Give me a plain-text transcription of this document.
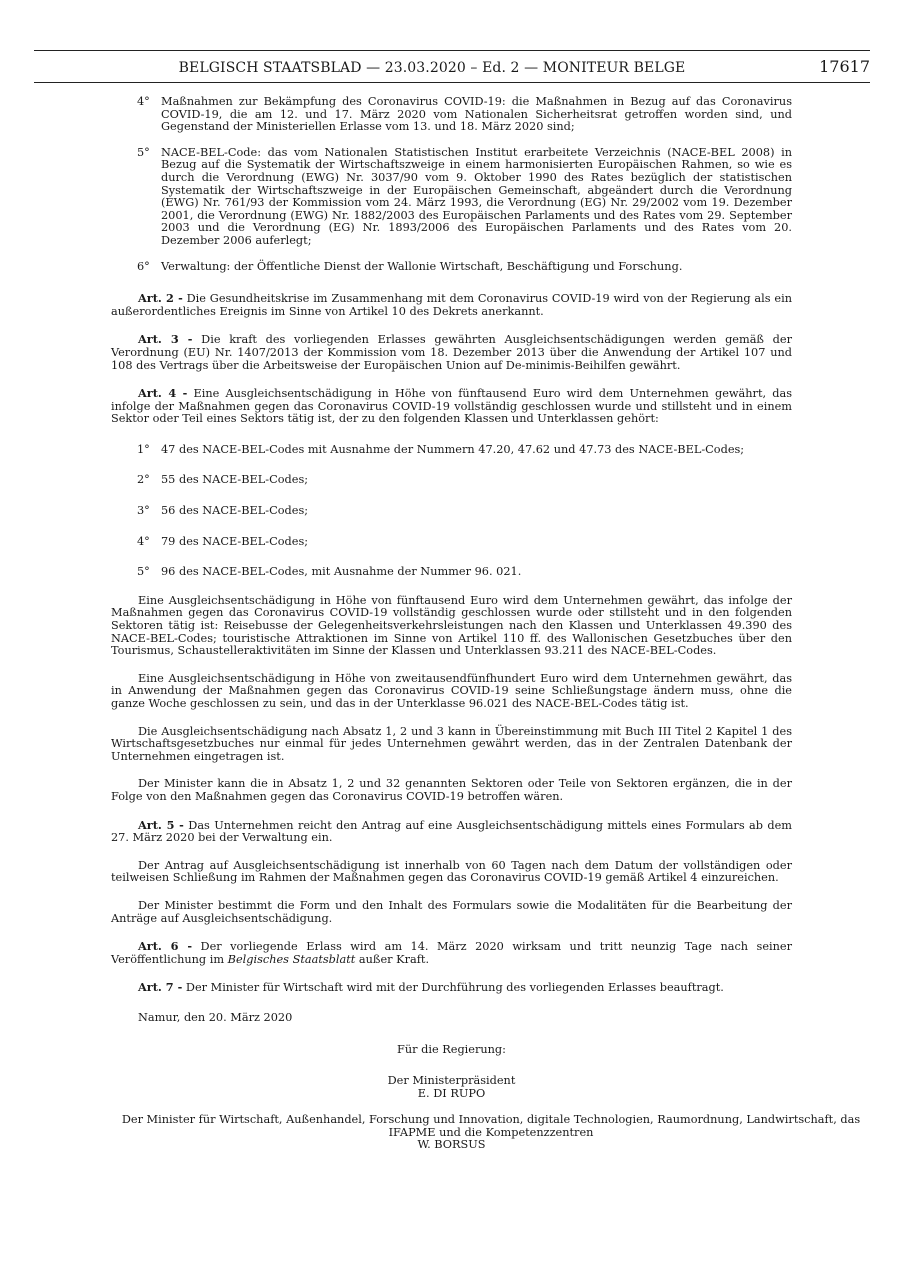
BELGISCH STAATSBLAD — 23.03.2020 – Ed. 2 — MONITEUR BELGE	17617
4° Maßnahmen zur Bekämpfung des Coronavirus COVID-19: die Maßnahmen in Bezug auf das Coronavirus COVID-19, die am 12. und 17. März 2020 vom Nationalen Sicherheitsrat getroffen worden sind, und Gegenstand der Ministeriellen Erlasse vom 13. und 18. März 2020 sind;
5° NACE-BEL-Code: das vom Nationalen Statistischen Institut erarbeitete Verzeichnis (NACE-BEL 2008) in Bezug auf die Systematik der Wirtschaftszweige in einem harmonisierten Europäischen Rahmen, so wie es durch die Verordnung (EWG) Nr. 3037/90 vom 9. Oktober 1990 des Rates bezüglich der statistischen Systematik der Wirtschaftszweige in der Europäischen Gemeinschaft, abgeändert durch die Verordnung (EWG) Nr. 761/93 der Kommission vom 24. März 1993, die Verordnung (EG) Nr. 29/2002 vom 19. Dezember 2001, die Verordnung (EWG) Nr. 1882/2003 des Europäischen Parlaments und des Rates vom 29. September 2003 und die Verordnung (EG) Nr. 1893/2006 des Europäischen Parlaments und des Rates vom 20. Dezember 2006 auferlegt;
6° Verwaltung: der Öffentliche Dienst der Wallonie Wirtschaft, Beschäftigung und Forschung.

Art. 2 - Die Gesundheitskrise im Zusammenhang mit dem Coronavirus COVID-19 wird von der Regierung als ein außerordentliches Ereignis im Sinne von Artikel 10 des Dekrets anerkannt.

Art. 3 - Die kraft des vorliegenden Erlasses gewährten Ausgleichsentschädigungen werden gemäß der Verordnung (EU) Nr. 1407/2013 der Kommission vom 18. Dezember 2013 über die Anwendung der Artikel 107 und 108 des Vertrags über die Arbeitsweise der Europäischen Union auf De-minimis-Beihilfen gewährt.

Art. 4 - Eine Ausgleichsentschädigung in Höhe von fünftausend Euro wird dem Unternehmen gewährt, das infolge der Maßnahmen gegen das Coronavirus COVID-19 vollständig geschlossen wurde und stillsteht und in einem Sektor oder Teil eines Sektors tätig ist, der zu den folgenden Klassen und Unterklassen gehört:

1° 47 des NACE-BEL-Codes mit Ausnahme der Nummern 47.20, 47.62 und 47.73 des NACE-BEL-Codes;
2° 55 des NACE-BEL-Codes;
3° 56 des NACE-BEL-Codes;
4° 79 des NACE-BEL-Codes;
5° 96 des NACE-BEL-Codes, mit Ausnahme der Nummer 96. 021.

Eine Ausgleichsentschädigung in Höhe von fünftausend Euro wird dem Unternehmen gewährt, das infolge der Maßnahmen gegen das Coronavirus COVID-19 vollständig geschlossen wurde oder stillsteht und in den folgenden Sektoren tätig ist: Reisebusse der Gelegenheitsverkehrsleistungen nach den Klassen und Unterklassen 49.390 des NACE-BEL-Codes; touristische Attraktionen im Sinne von Artikel 110 ff. des Wallonischen Gesetzbuches über den Tourismus, Schaustelleraktivitäten im Sinne der Klassen und Unterklassen 93.211 des NACE-BEL-Codes.

Eine Ausgleichsentschädigung in Höhe von zweitausendfünfhundert Euro wird dem Unternehmen gewährt, das in Anwendung der Maßnahmen gegen das Coronavirus COVID-19 seine Schließungstage ändern muss, ohne die ganze Woche geschlossen zu sein, und das in der Unterklasse 96.021 des NACE-BEL-Codes tätig ist.

Die Ausgleichsentschädigung nach Absatz 1, 2 und 3 kann in Übereinstimmung mit Buch III Titel 2 Kapitel 1 des Wirtschaftsgesetzbuches nur einmal für jedes Unternehmen gewährt werden, das in der Zentralen Datenbank der Unternehmen eingetragen ist.

Der Minister kann die in Absatz 1, 2 und 32 genannten Sektoren oder Teile von Sektoren ergänzen, die in der Folge von den Maßnahmen gegen das Coronavirus COVID-19 betroffen wären.

Art. 5 - Das Unternehmen reicht den Antrag auf eine Ausgleichsentschädigung mittels eines Formulars ab dem 27. März 2020 bei der Verwaltung ein.

Der Antrag auf Ausgleichsentschädigung ist innerhalb von 60 Tagen nach dem Datum der vollständigen oder teilweisen Schließung im Rahmen der Maßnahmen gegen das Coronavirus COVID-19 gemäß Artikel 4 einzureichen.

Der Minister bestimmt die Form und den Inhalt des Formulars sowie die Modalitäten für die Bearbeitung der Anträge auf Ausgleichsentschädigung.

Art. 6 - Der vorliegende Erlass wird am 14. März 2020 wirksam und tritt neunzig Tage nach seiner Veröffentlichung im Belgisches Staatsblatt außer Kraft.

Art. 7 - Der Minister für Wirtschaft wird mit der Durchführung des vorliegenden Erlasses beauftragt.

Namur, den 20. März 2020

Für die Regierung:

Der Ministerpräsident

E. DI RUPO

Der Minister für Wirtschaft, Außenhandel, Forschung und Innovation, digitale Technologien, Raumordnung, Landwirtschaft, das IFAPME und die Kompetenzzentren

W. BORSUS
